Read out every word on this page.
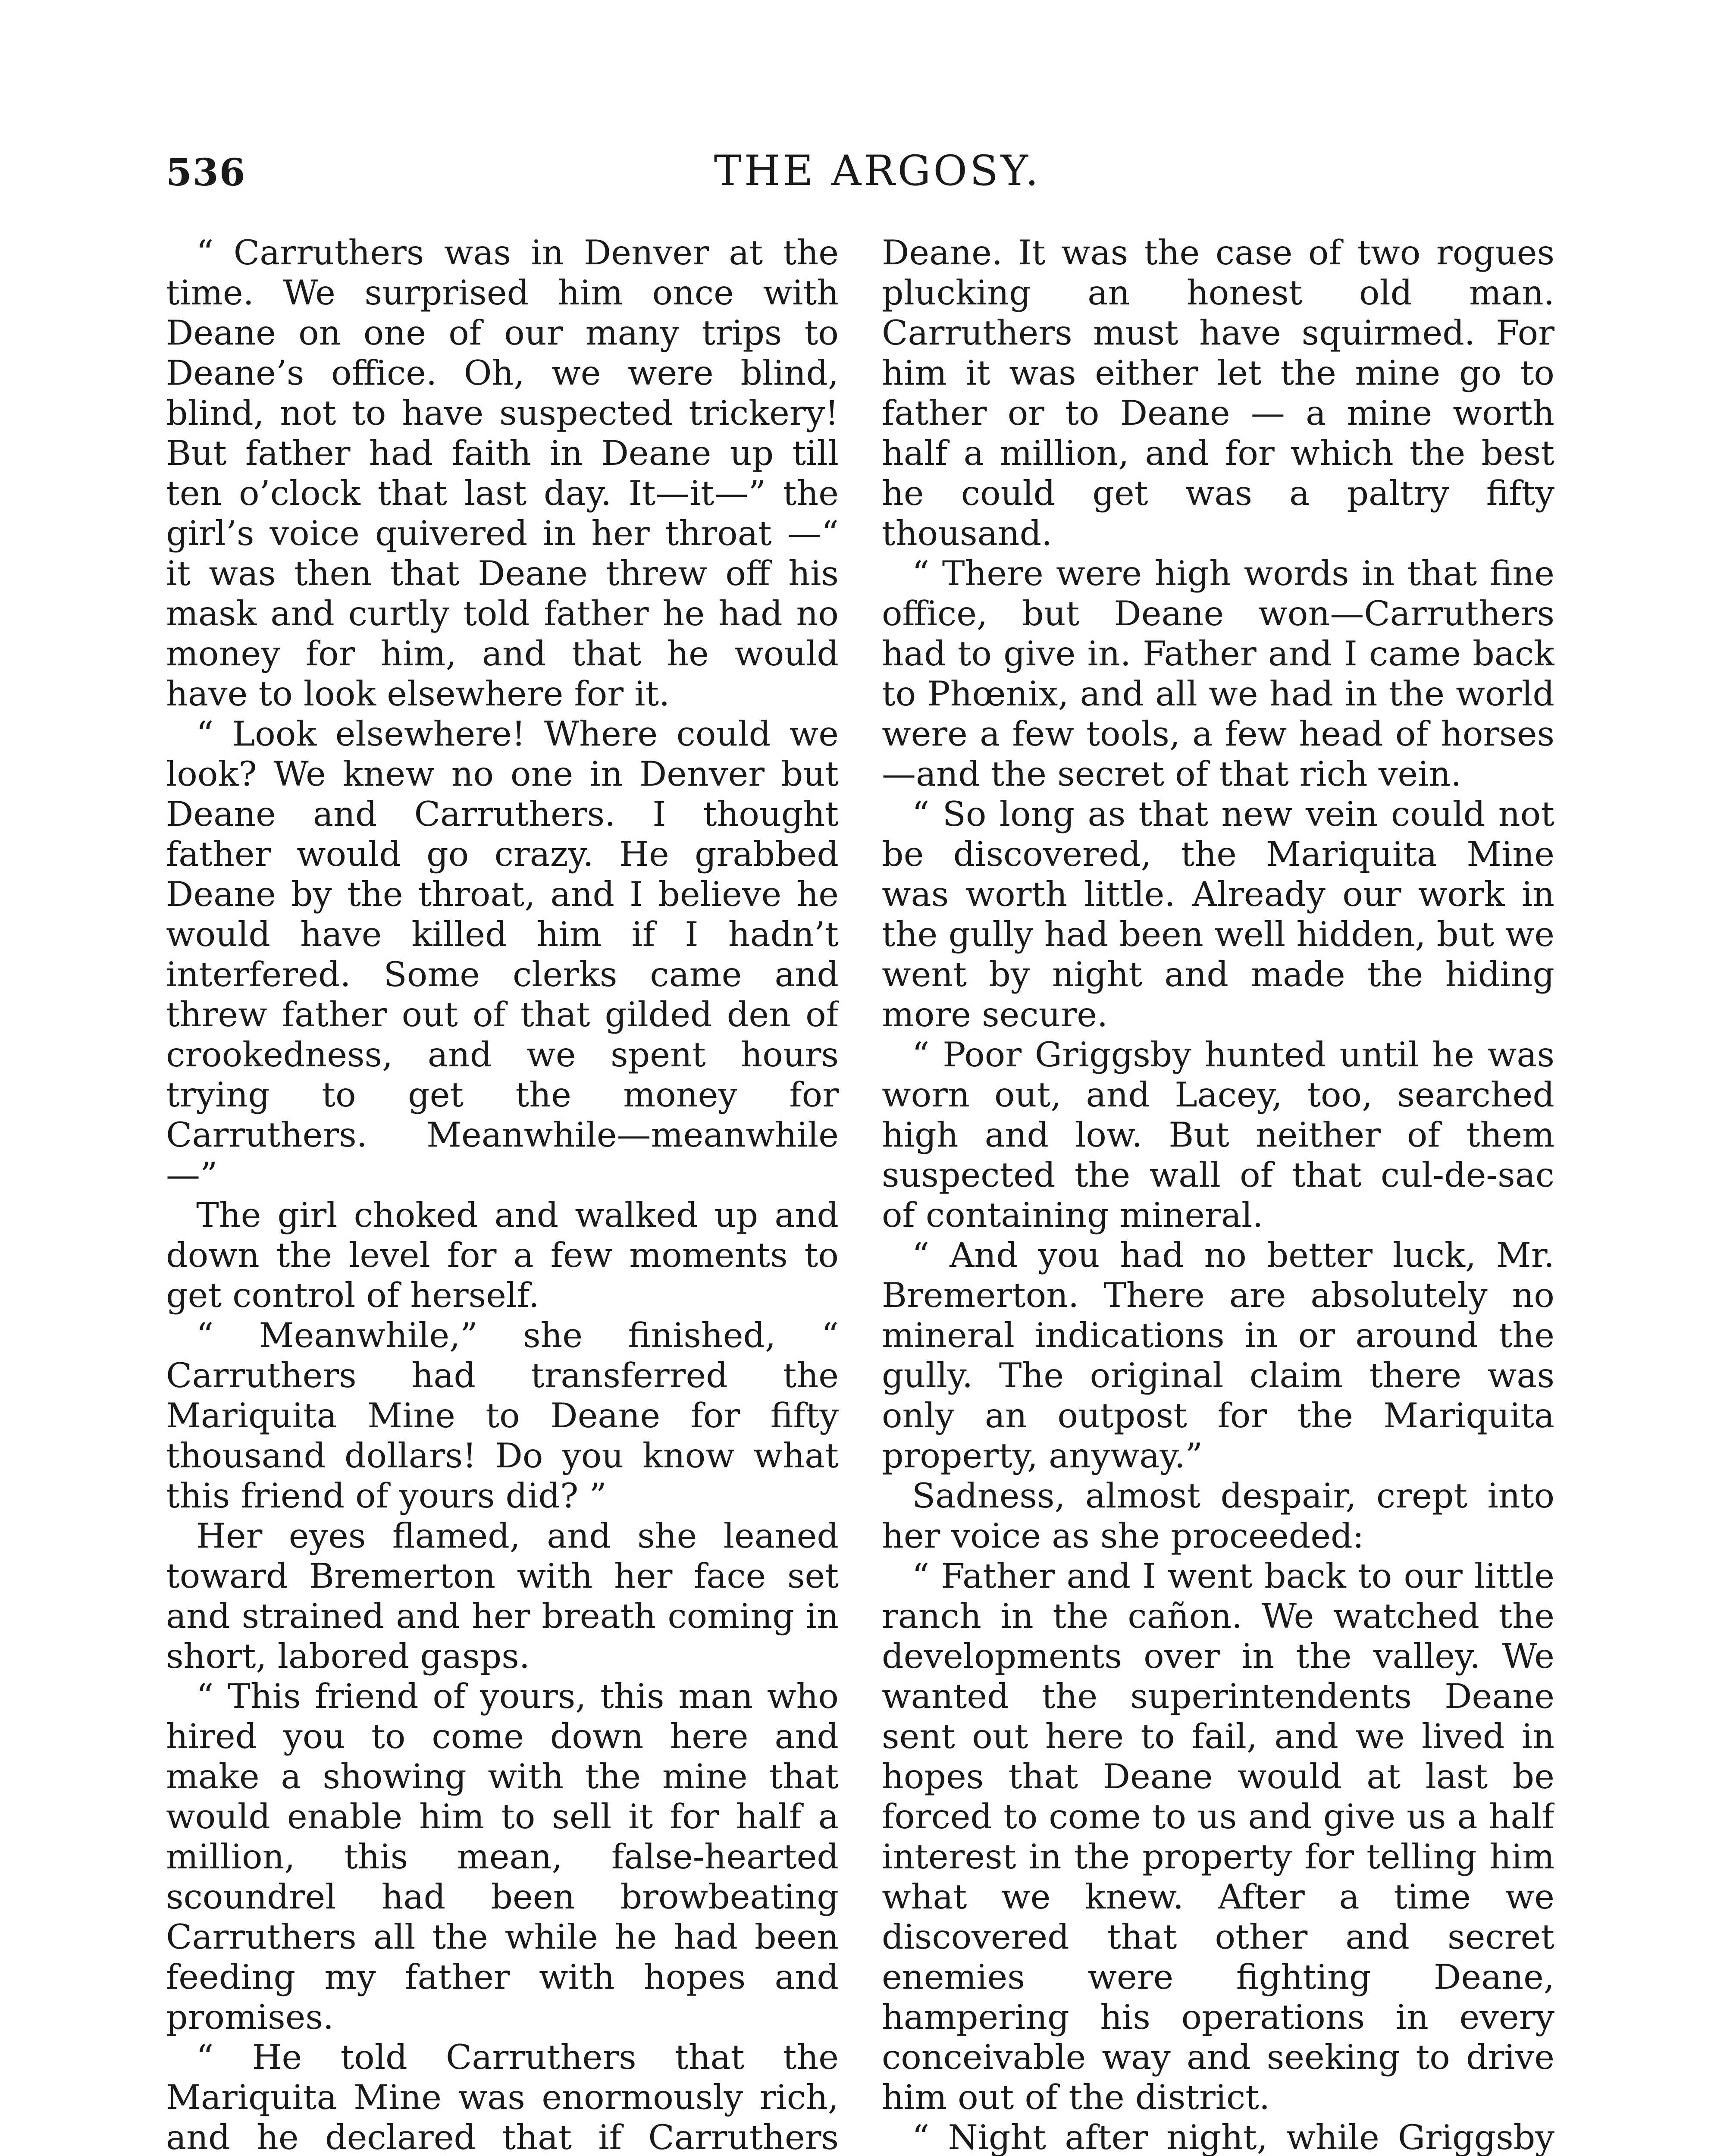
536	THE ARGOSY.

“ Carruthers was in Denver at the time. We surprised him once with Deane on one of our many trips to Deane’s office. Oh, we were blind, blind, not to have suspected trickery! But father had faith in Deane up till ten o’clock that last day. It—it—” the girl’s voice quivered in her throat —“ it was then that Deane threw off his mask and curtly told father he had no money for him, and that he would have to look elsewhere for it.

“ Look elsewhere! Where could we look? We knew no one in Denver but Deane and Carruthers. I thought father would go crazy. He grabbed Deane by the throat, and I believe he would have killed him if I hadn’t interfered. Some clerks came and threw father out of that gilded den of crookedness, and we spent hours trying to get the money for Carruthers. Meanwhile—meanwhile—”

The girl choked and walked up and down the level for a few moments to get control of herself.

“ Meanwhile,” she finished, “ Carruthers had transferred the Mariquita Mine to Deane for fifty thousand dollars! Do you know what this friend of yours did? ”

Her eyes flamed, and she leaned toward Bremerton with her face set and strained and her breath coming in short, labored gasps.

“ This friend of yours, this man who hired you to come down here and make a showing with the mine that would enable him to sell it for half a million, this mean, false-hearted scoundrel had been browbeating Carruthers all the while he had been feeding my father with hopes and promises.

“ He told Carruthers that the Mariquita Mine was enormously rich, and he declared that if Carruthers

Deane. It was the case of two rogues plucking an honest old man. Carruthers must have squirmed. For him it was either let the mine go to father or to Deane — a mine worth half a million, and for which the best he could get was a paltry fifty thousand.

“ There were high words in that fine office, but Deane won—Carruthers had to give in. Father and I came back to Phœnix, and all we had in the world were a few tools, a few head of horses—and the secret of that rich vein.

“ So long as that new vein could not be discovered, the Mariquita Mine was worth little. Already our work in the gully had been well hidden, but we went by night and made the hiding more secure.

“ Poor Griggsby hunted until he was worn out, and Lacey, too, searched high and low. But neither of them suspected the wall of that cul-de-sac of containing mineral.

“ And you had no better luck, Mr. Bremerton. There are absolutely no mineral indications in or around the gully. The original claim there was only an outpost for the Mariquita property, anyway.”

Sadness, almost despair, crept into her voice as she proceeded:

“ Father and I went back to our little ranch in the cañon. We watched the developments over in the valley. We wanted the superintendents Deane sent out here to fail, and we lived in hopes that Deane would at last be forced to come to us and give us a half interest in the property for telling him what we knew. After a time we discovered that other and secret enemies were fighting Deane, hampering his operations in every conceivable way and seeking to drive him out of the district.

“ Night after night, while Griggsby
